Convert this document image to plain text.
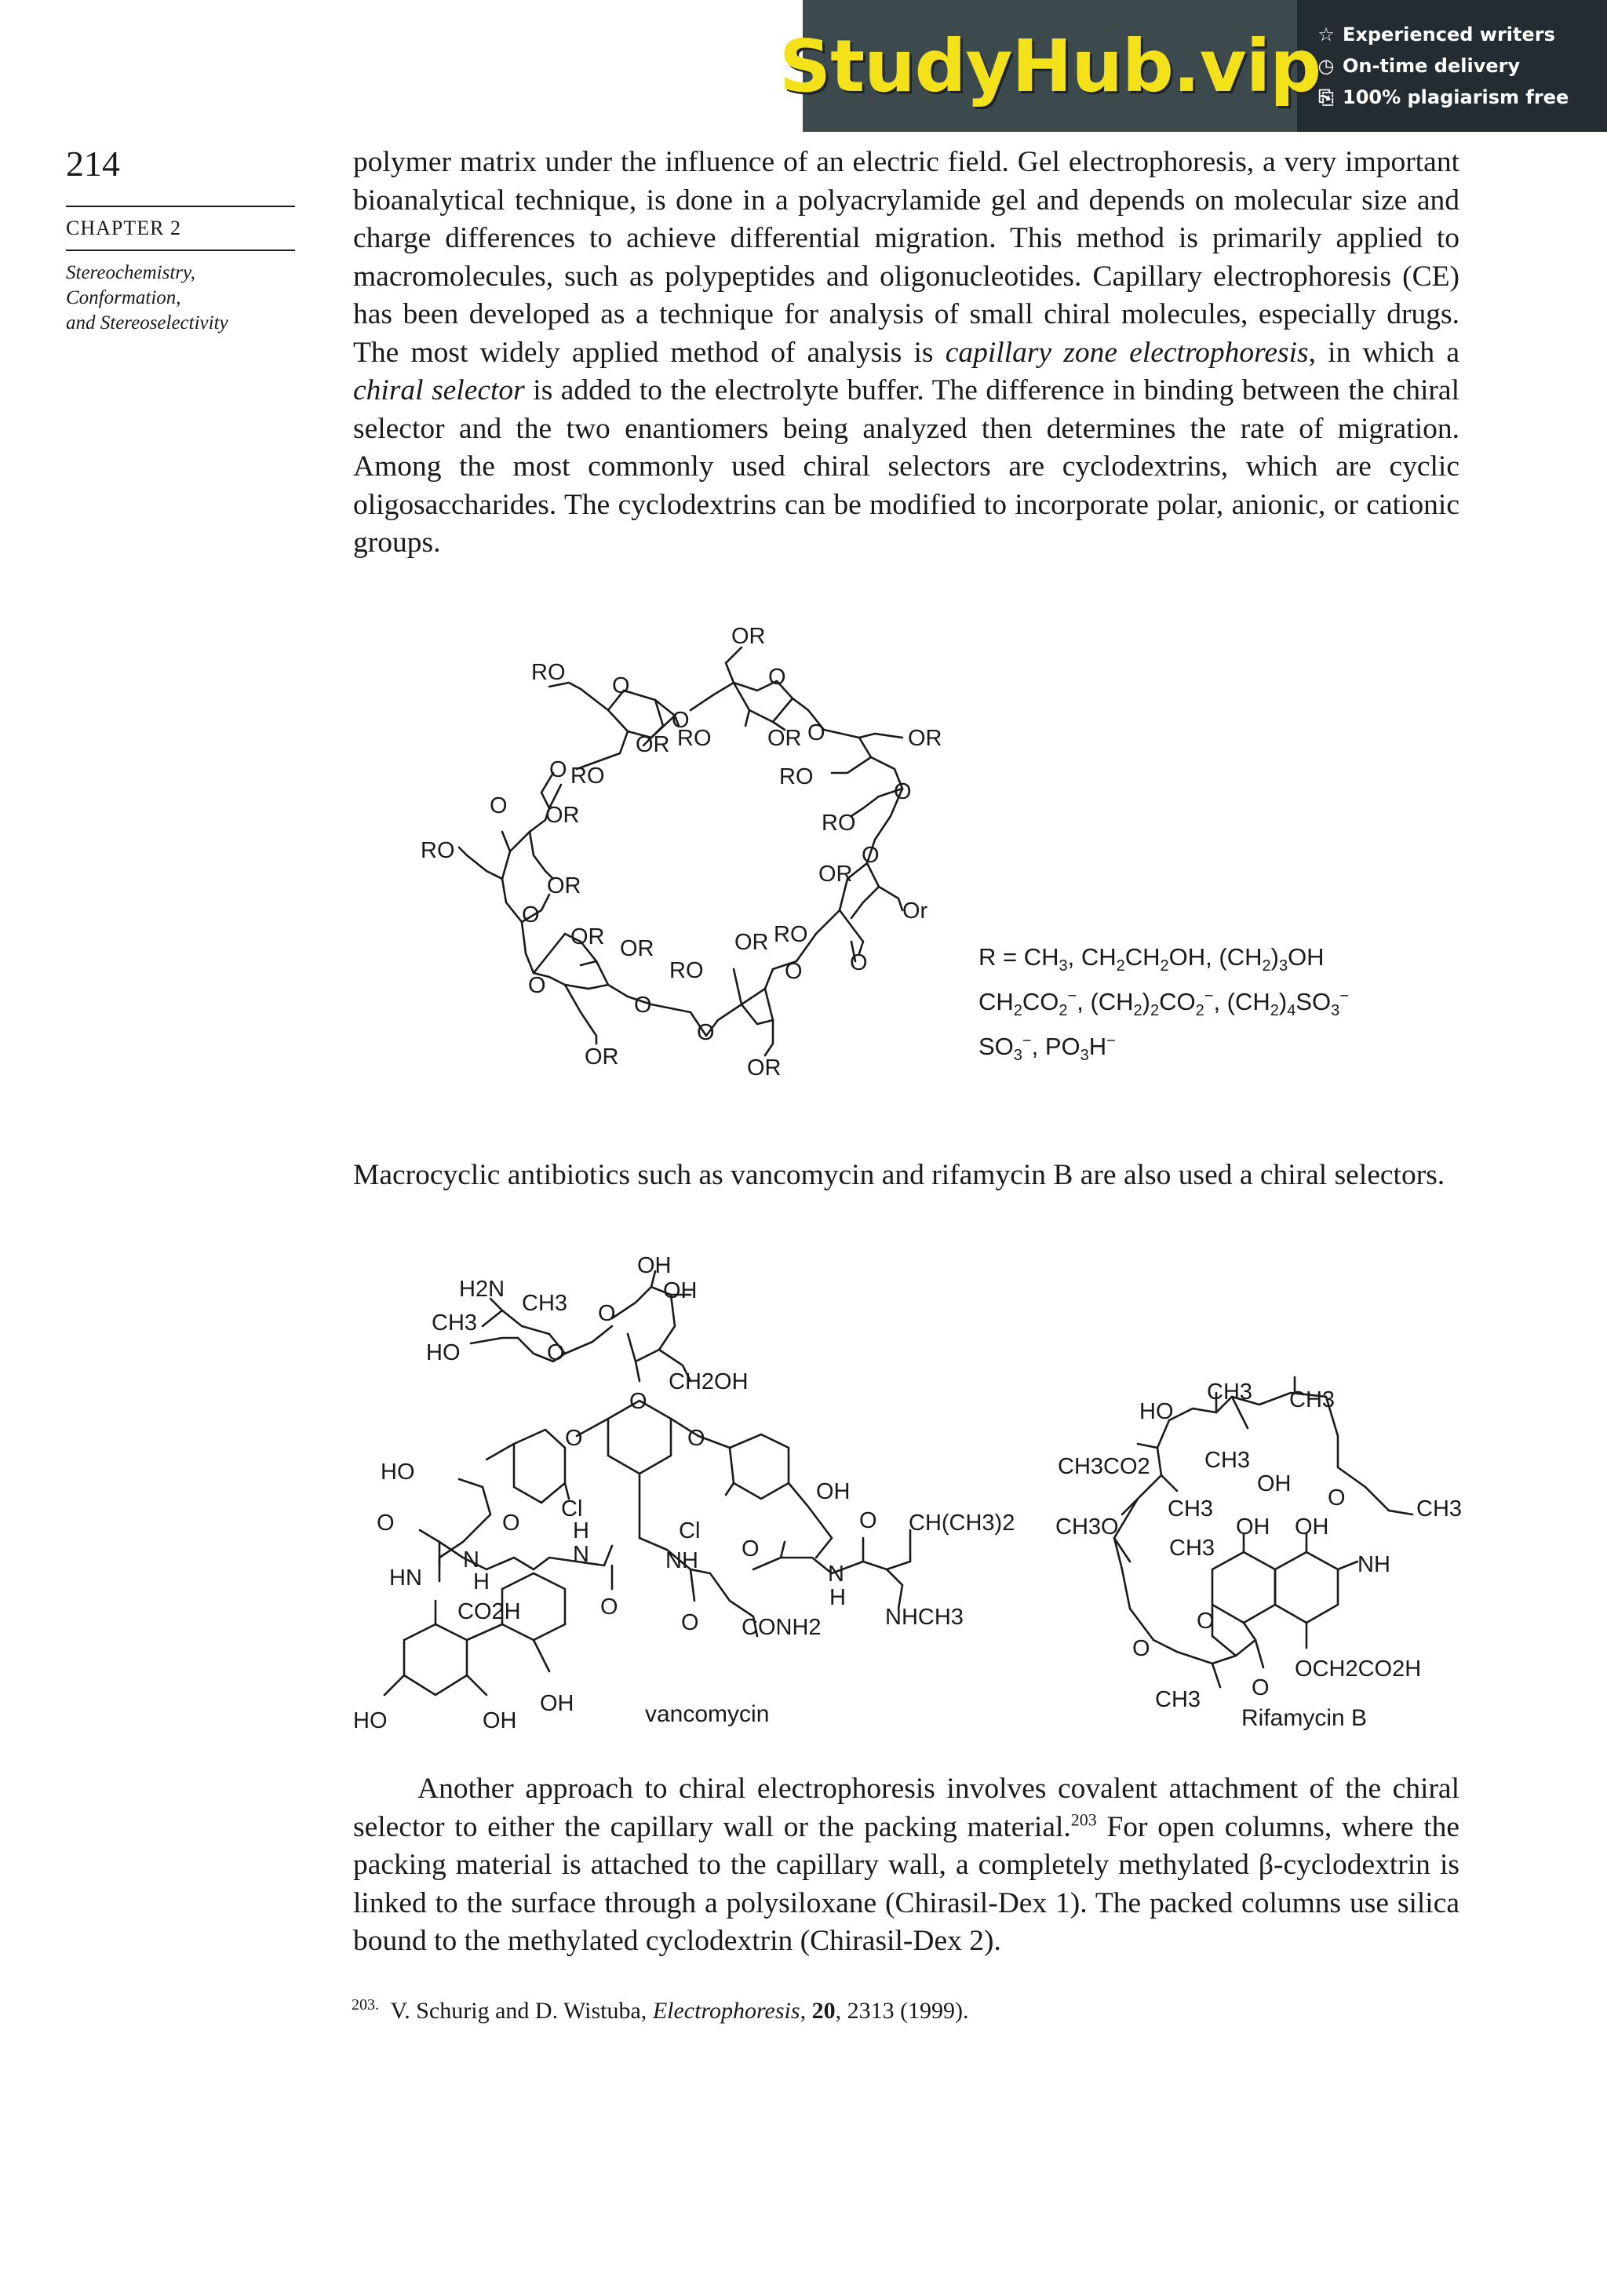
StudyHub.vip
☆ Experienced writers
◷ On-time delivery
⎘ 100% plagiarism free
214
CHAPTER 2
Stereochemistry,
Conformation,
and Stereoselectivity
polymer matrix under the influence of an electric field. Gel electrophoresis, a very important bioanalytical technique, is done in a polyacrylamide gel and depends on molecular size and charge differences to achieve differential migration. This method is primarily applied to macromolecules, such as polypeptides and oligonucleotides. Capillary electrophoresis (CE) has been developed as a technique for analysis of small chiral molecules, especially drugs. The most widely applied method of analysis is capillary zone electrophoresis, in which a chiral selector is added to the electrolyte buffer. The difference in binding between the chiral selector and the two enantiomers being analyzed then determines the rate of migration. Among the most commonly used chiral selectors are cyclodextrins, which are cyclic oligosaccharides. The cyclodextrins can be modified to incorporate polar, anionic, or cationic groups.
Macrocyclic antibiotics such as vancomycin and rifamycin B are also used a chiral selectors.
Another approach to chiral electrophoresis involves covalent attachment of the chiral selector to either the capillary wall or the packing material.$^{203}$ For open columns, where the packing material is attached to the capillary wall, a completely methylated β-cyclodextrin is linked to the surface through a polysiloxane (Chirasil-Dex 1). The packed columns use silica bound to the methylated cyclodextrin (Chirasil-Dex 2).
$^{203.}$ V. Schurig and D. Wistuba, Electrophoresis, 20, 2313 (1999).
OR
RO
O	O
O
OR RO OR O	OR
O RO	RO
O
O OR	RO
O
RO
OR	OR
O	Or
OR OR	OR RO
RO	O
O
O
O
O
OR	OR
$R = CH_3$, $CH_2CH_2OH$, $(CH_2)_3OH$
$CH_2CO_2^-$, $(CH_2)_2CO_2^-$, $(CH_2)_4SO_3^-$
$SO_3^-$, $PO_3H^-$
OH
H2N	OH
CH3
CH3	O
HO	O
CH2OH
O
O	O
HO
Cl
OH
O CH(CH3)2
O	O H	Cl
O
N	N	NH
N
HN H
H
O
CO2H	NHCH3
O CONH2
OH
HO	OH
CH3 CH3
HO
CH3CO2 CH3
OH
O	CH3
CH3
CH3O	OH OH
CH3
NH
O
O
OCH2CO2H
O
CH3
vancomycin	Rifamycin B
